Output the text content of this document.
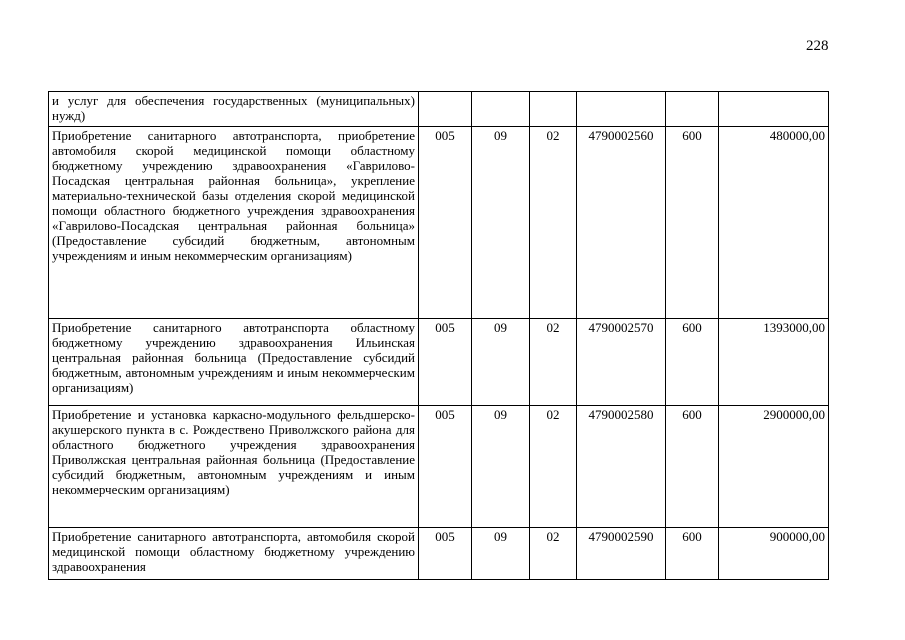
228
и услуг для обеспечения государственных (муниципальных) нужд)						
Приобретение санитарного автотранспорта, приобретение автомобиля скорой медицинской помощи областному бюджетному учреждению здравоохранения «Гаврилово-Посадская центральная районная больница», укрепление материально-технической базы отделения скорой медицинской помощи областного бюджетного учреждения здравоохранения «Гаврилово-Посадская центральная районная больница» (Предоставление субсидий бюджетным, автономным учреждениям и иным некоммерческим организациям)	005	09	02	4790002560	600	480000,00
Приобретение санитарного автотранспорта областному бюджетному учреждению здравоохранения Ильинская центральная районная больница (Предоставление субсидий бюджетным, автономным учреждениям и иным некоммерческим организациям)	005	09	02	4790002570	600	1393000,00
Приобретение и установка каркасно-модульного фельдшерско-акушерского пункта в с. Рождествено Приволжского района для областного бюджетного учреждения здравоохранения Приволжская центральная районная больница (Предоставление субсидий бюджетным, автономным учреждениям и иным некоммерческим организациям)	005	09	02	4790002580	600	2900000,00
Приобретение санитарного автотранспорта, автомобиля скорой медицинской помощи областному бюджетному учреждению здравоохранения	005	09	02	4790002590	600	900000,00
